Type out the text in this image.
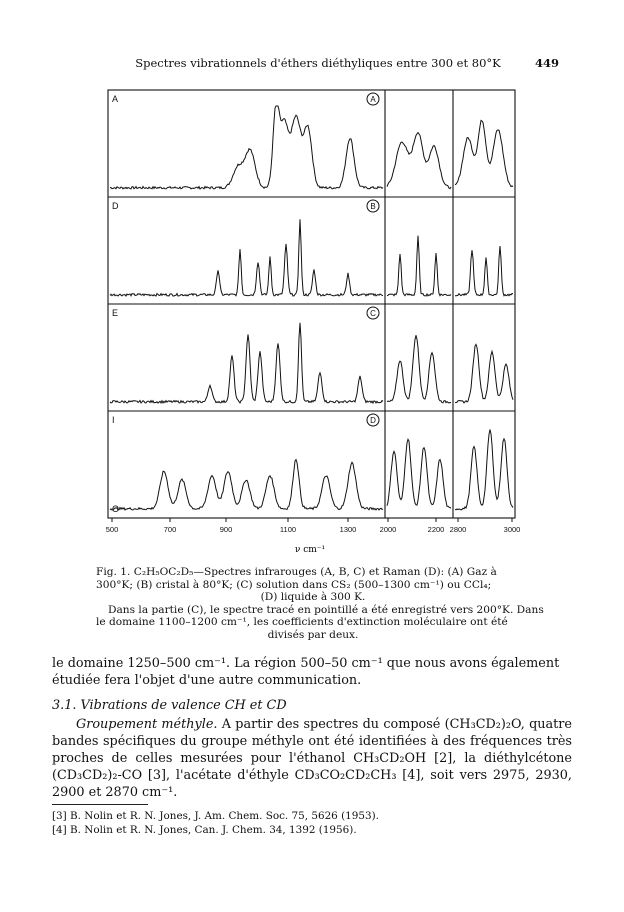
Spectres vibrationnels d'éthers diéthyliques entre 300 et 80°K	449
A	A
D	B
E	C
I	D
500	700	900	1100	1300	2000	2200 2800	3000
ν cm⁻¹
O
Fig. 1. C₂H₅OC₂D₅—Spectres infrarouges (A, B, C) et Raman (D): (A) Gaz à
300°K; (B) cristal à 80°K; (C) solution dans CS₂ (500–1300 cm⁻¹) ou CCl₄;
(D) liquide à 300 K.
Dans la partie (C), le spectre tracé en pointillé a été enregistré vers 200°K. Dans
le domaine 1100–1200 cm⁻¹, les coefficients d'extinction moléculaire ont été
divisés par deux.
le domaine 1250–500 cm⁻¹. La région 500–50 cm⁻¹ que nous avons également étudiée fera l'objet d'une autre communication.
3.1. Vibrations de valence CH et CD
Groupement méthyle. A partir des spectres du composé (CH₃CD₂)₂O, quatre bandes spécifiques du groupe méthyle ont été identifiées à des fréquences très proches de celles mesurées pour l'éthanol CH₃CD₂OH [2], la diéthylcétone (CD₃CD₂)₂-CO [3], l'acétate d'éthyle CD₃CO₂CD₂CH₃ [4], soit vers 2975, 2930, 2900 et 2870 cm⁻¹.
[3] B. Nolin et R. N. Jones, J. Am. Chem. Soc. 75, 5626 (1953).
[4] B. Nolin et R. N. Jones, Can. J. Chem. 34, 1392 (1956).
